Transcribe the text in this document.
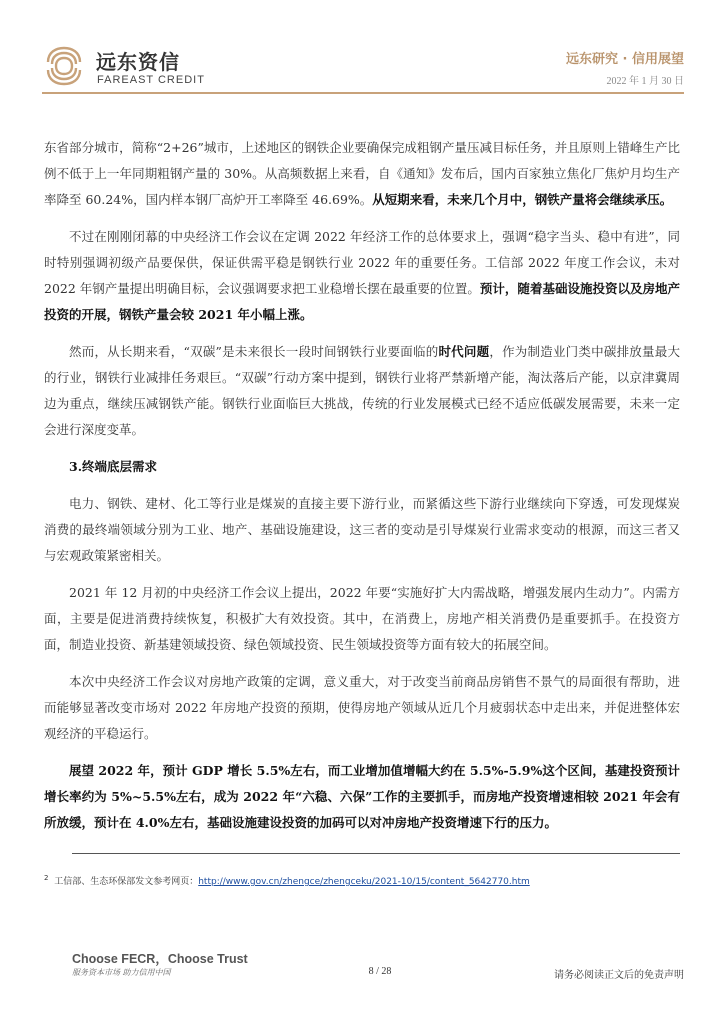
远东资信
FAREAST CREDIT
远东研究 · 信用展望
2022 年 1 月 30 日

东省部分城市，简称“2+26”城市，上述地区的钢铁企业要确保完成粗钢产量压减目标任务，并且原则上错峰生产比例不低于上一年同期粗钢产量的 30%。从高频数据上来看，自《通知》发布后，国内百家独立焦化厂焦炉月均生产率降至 60.24%，国内样本钢厂高炉开工率降至 46.69%。从短期来看，未来几个月中，钢铁产量将会继续承压。

不过在刚刚闭幕的中央经济工作会议在定调 2022 年经济工作的总体要求上，强调“稳字当头、稳中有进”，同时特别强调初级产品要保供，保证供需平稳是钢铁行业 2022 年的重要任务。工信部 2022 年度工作会议，未对 2022 年钢产量提出明确目标，会议强调要求把工业稳增长摆在最重要的位置。预计，随着基础设施投资以及房地产投资的开展，钢铁产量会较 2021 年小幅上涨。

然而，从长期来看，“双碳”是未来很长一段时间钢铁行业要面临的时代问题，作为制造业门类中碳排放量最大的行业，钢铁行业减排任务艰巨。“双碳”行动方案中提到，钢铁行业将严禁新增产能，淘汰落后产能，以京津冀周边为重点，继续压减钢铁产能。钢铁行业面临巨大挑战，传统的行业发展模式已经不适应低碳发展需要，未来一定会进行深度变革。

3.终端底层需求

电力、钢铁、建材、化工等行业是煤炭的直接主要下游行业，而紧循这些下游行业继续向下穿透，可发现煤炭消费的最终端领域分别为工业、地产、基础设施建设，这三者的变动是引导煤炭行业需求变动的根源，而这三者又与宏观政策紧密相关。

2021 年 12 月初的中央经济工作会议上提出，2022 年要“实施好扩大内需战略，增强发展内生动力”。内需方面，主要是促进消费持续恢复，积极扩大有效投资。其中，在消费上，房地产相关消费仍是重要抓手。在投资方面，制造业投资、新基建领域投资、绿色领域投资、民生领域投资等方面有较大的拓展空间。

本次中央经济工作会议对房地产政策的定调，意义重大，对于改变当前商品房销售不景气的局面很有帮助，进而能够显著改变市场对 2022 年房地产投资的预期，使得房地产领域从近几个月疲弱状态中走出来，并促进整体宏观经济的平稳运行。

展望 2022 年，预计 GDP 增长 5.5%左右，而工业增加值增幅大约在 5.5%-5.9%这个区间，基建投资预计增长率约为 5%~5.5%左右，成为 2022 年“六稳、六保”工作的主要抓手，而房地产投资增速相较 2021 年会有所放缓，预计在 4.0%左右，基础设施建设投资的加码可以对冲房地产投资增速下行的压力。

$^2$ 工信部、生态环保部发文参考网页：http://www.gov.cn/zhengce/zhengceku/2021-10/15/content_5642770.htm
Choose FECR，Choose Trust
服务资本市场 助力信用中国	8 / 28	请务必阅读正文后的免责声明
